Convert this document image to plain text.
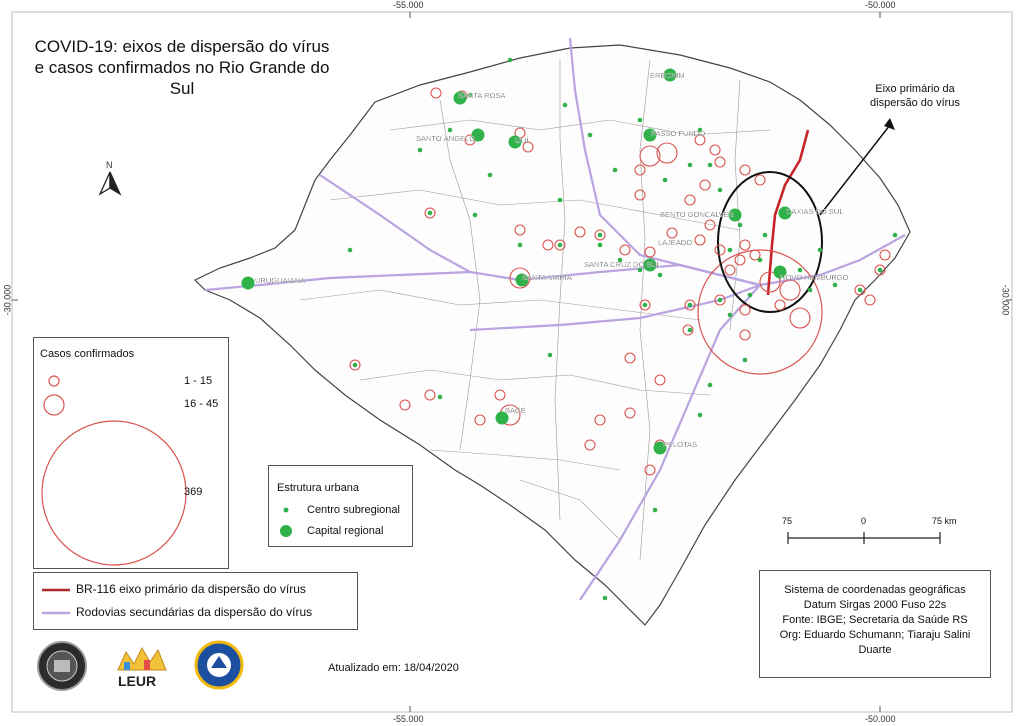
SANTA ROSA
ERECHIM
SANTO ÂNGELO	IJUÍ
PASSO FUNDO
BENTO GONÇALVES	CAXIAS DO SUL
LAJEADO
SANTA CRUZ DO SUL
SANTA MARIA	NOVO HAMBURGO
URUGUAIANA
BAGÉ
PELOTAS
COVID-19: eixos de dispersão do vírus
e casos confirmados no Rio Grande do
Sul
-55.000	-50.000
-55.000	-50.000
-30.000	-30.000
N
Eixo primário da dispersão do vírus
Casos confirmados
1 - 15
16 - 45
369	Estrutura urbana
Centro subregional
Capital regional
75	0	75 km
BR-116 eixo primário da dispersão do vírus
Rodovias secundárias da dispersão do vírus
Sistema de coordenadas geográficas
Datum Sirgas 2000 Fuso 22s
Fonte: IBGE; Secretaria da Saúde RS
Org: Eduardo Schumann; Tiaraju Salini
Duarte
Atualizado em: 18/04/2020
LEUR
